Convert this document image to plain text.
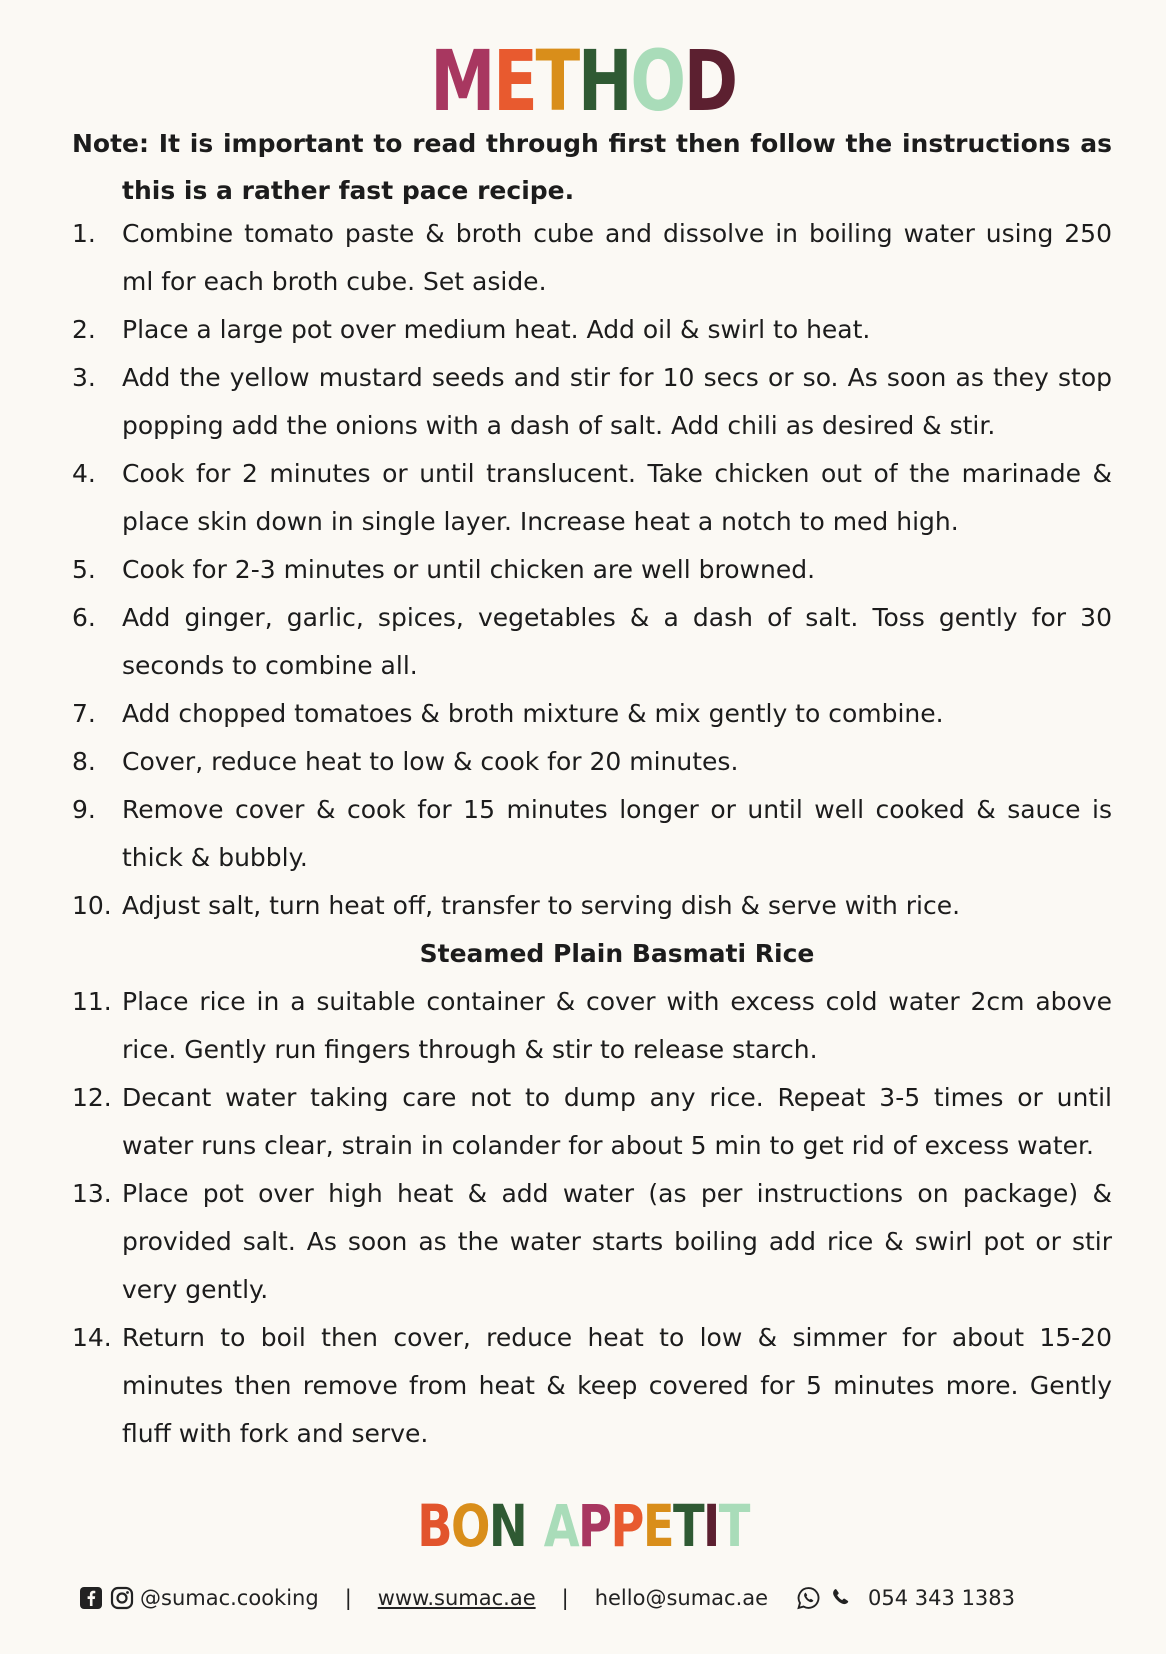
METHOD
Note: It is important to read through first then follow the instructions as this is a rather fast pace recipe.
1. Combine tomato paste & broth cube and dissolve in boiling water using 250 ml for each broth cube. Set aside.
2. Place a large pot over medium heat. Add oil & swirl to heat.
3. Add the yellow mustard seeds and stir for 10 secs or so. As soon as they stop popping add the onions with a dash of salt. Add chili as desired & stir.
4. Cook for 2 minutes or until translucent. Take chicken out of the marinade & place skin down in single layer. Increase heat a notch to med high.
5. Cook for 2-3 minutes or until chicken are well browned.
6. Add ginger, garlic, spices, vegetables & a dash of salt. Toss gently for 30 seconds to combine all.
7. Add chopped tomatoes & broth mixture & mix gently to combine.
8. Cover, reduce heat to low & cook for 20 minutes.
9. Remove cover & cook for 15 minutes longer or until well cooked & sauce is thick & bubbly.
10. Adjust salt, turn heat off, transfer to serving dish & serve with rice.
Steamed Plain Basmati Rice
11. Place rice in a suitable container & cover with excess cold water 2cm above rice. Gently run fingers through & stir to release starch.
12. Decant water taking care not to dump any rice. Repeat 3-5 times or until water runs clear, strain in colander for about 5 min to get rid of excess water.
13. Place pot over high heat & add water (as per instructions on package) & provided salt. As soon as the water starts boiling add rice & swirl pot or stir very gently.
14. Return to boil then cover, reduce heat to low & simmer for about 15-20 minutes then remove from heat & keep covered for 5 minutes more. Gently fluff with fork and serve.
BON APPETIT
@sumac.cooking | www.sumac.ae | hello@sumac.ae	054 343 1383
